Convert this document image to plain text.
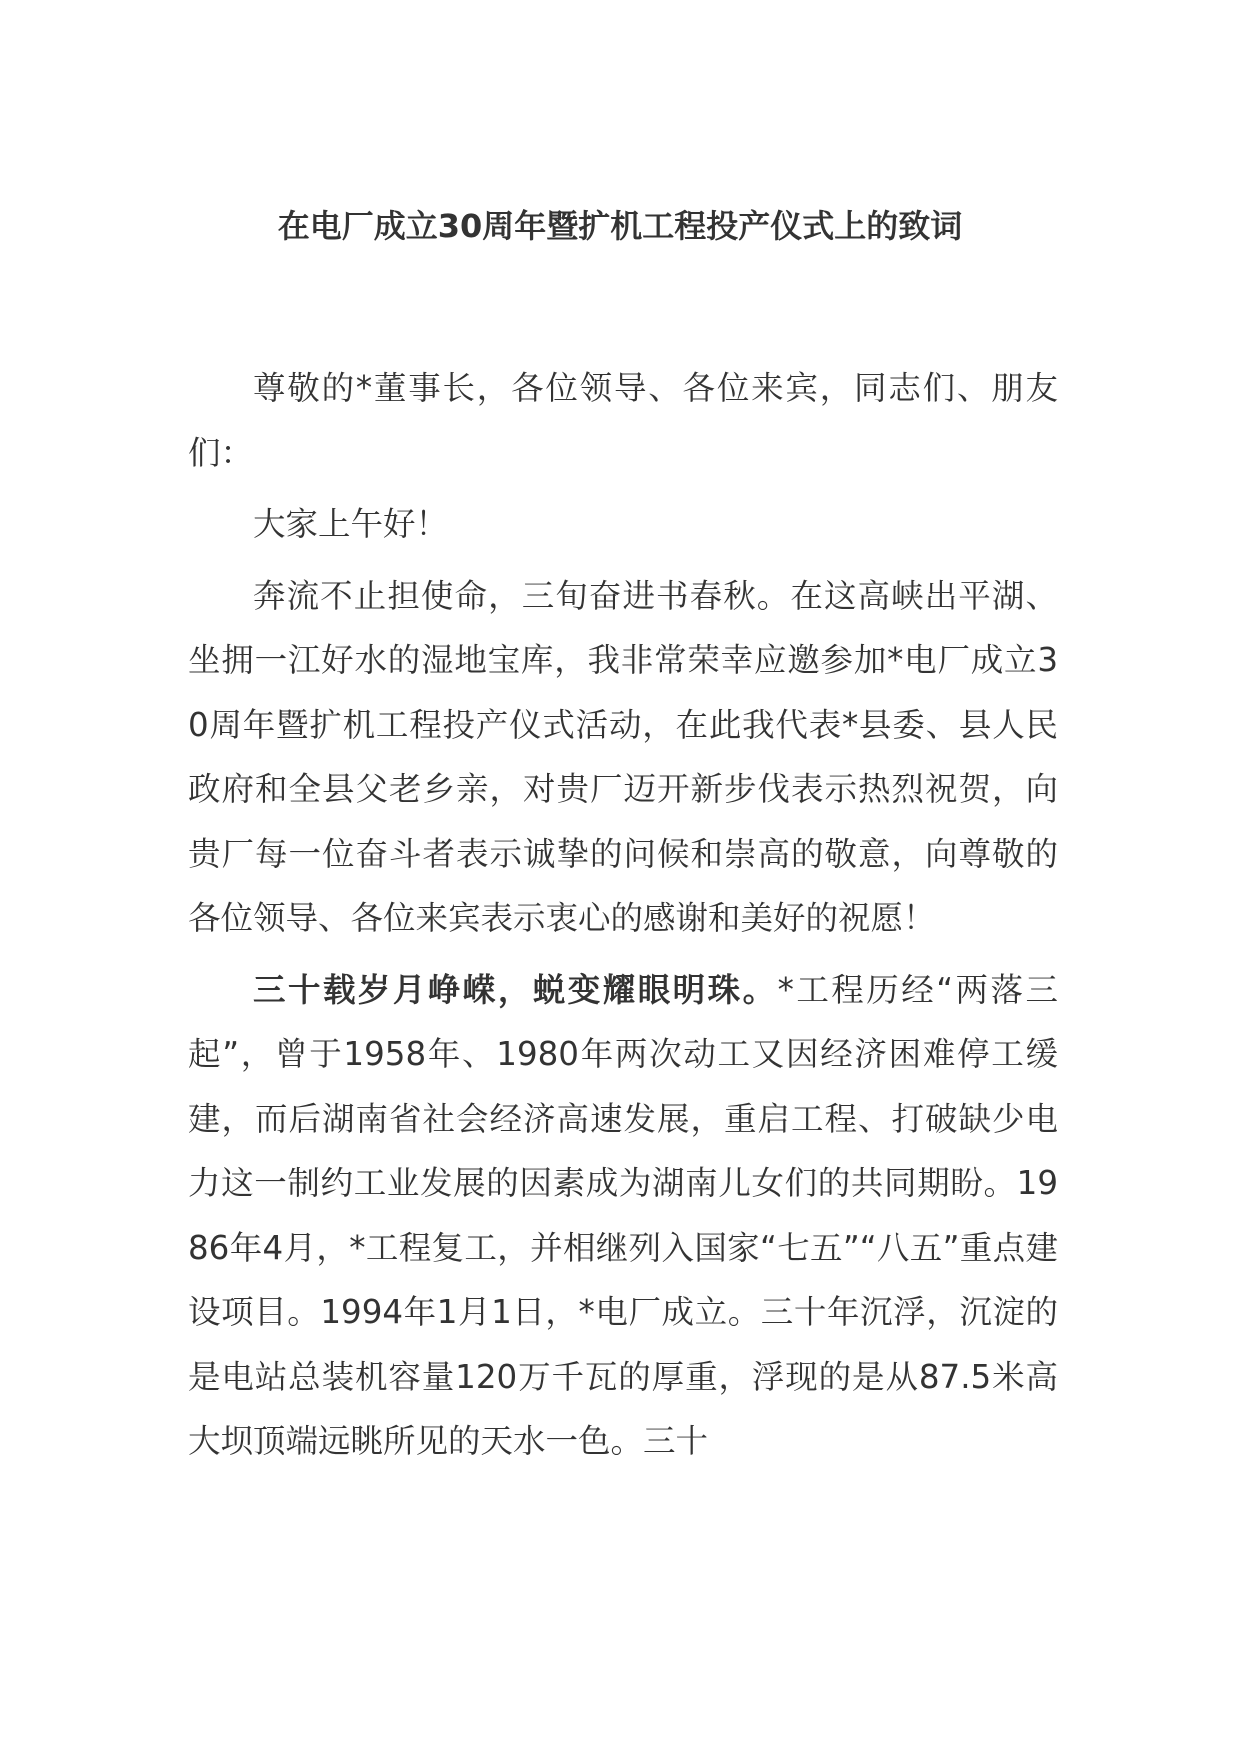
在电厂成立30周年暨扩机工程投产仪式上的致词

尊敬的*董事长，各位领导、各位来宾，同志们、朋友们：

大家上午好！

奔流不止担使命，三旬奋进书春秋。在这高峡出平湖、坐拥一江好水的湿地宝库，我非常荣幸应邀参加*电厂成立30周年暨扩机工程投产仪式活动，在此我代表*县委、县人民政府和全县父老乡亲，对贵厂迈开新步伐表示热烈祝贺，向贵厂每一位奋斗者表示诚挚的问候和崇高的敬意，向尊敬的各位领导、各位来宾表示衷心的感谢和美好的祝愿！

三十载岁月峥嵘，蜕变耀眼明珠。*工程历经“两落三起”，曾于1958年、1980年两次动工又因经济困难停工缓建，而后湖南省社会经济高速发展，重启工程、打破缺少电力这一制约工业发展的因素成为湖南儿女们的共同期盼。1986年4月，*工程复工，并相继列入国家“七五”“八五”重点建设项目。1994年1月1日，*电厂成立。三十年沉浮，沉淀的是电站总装机容量120万千瓦的厚重，浮现的是从87.5米高大坝顶端远眺所见的天水一色。三十
